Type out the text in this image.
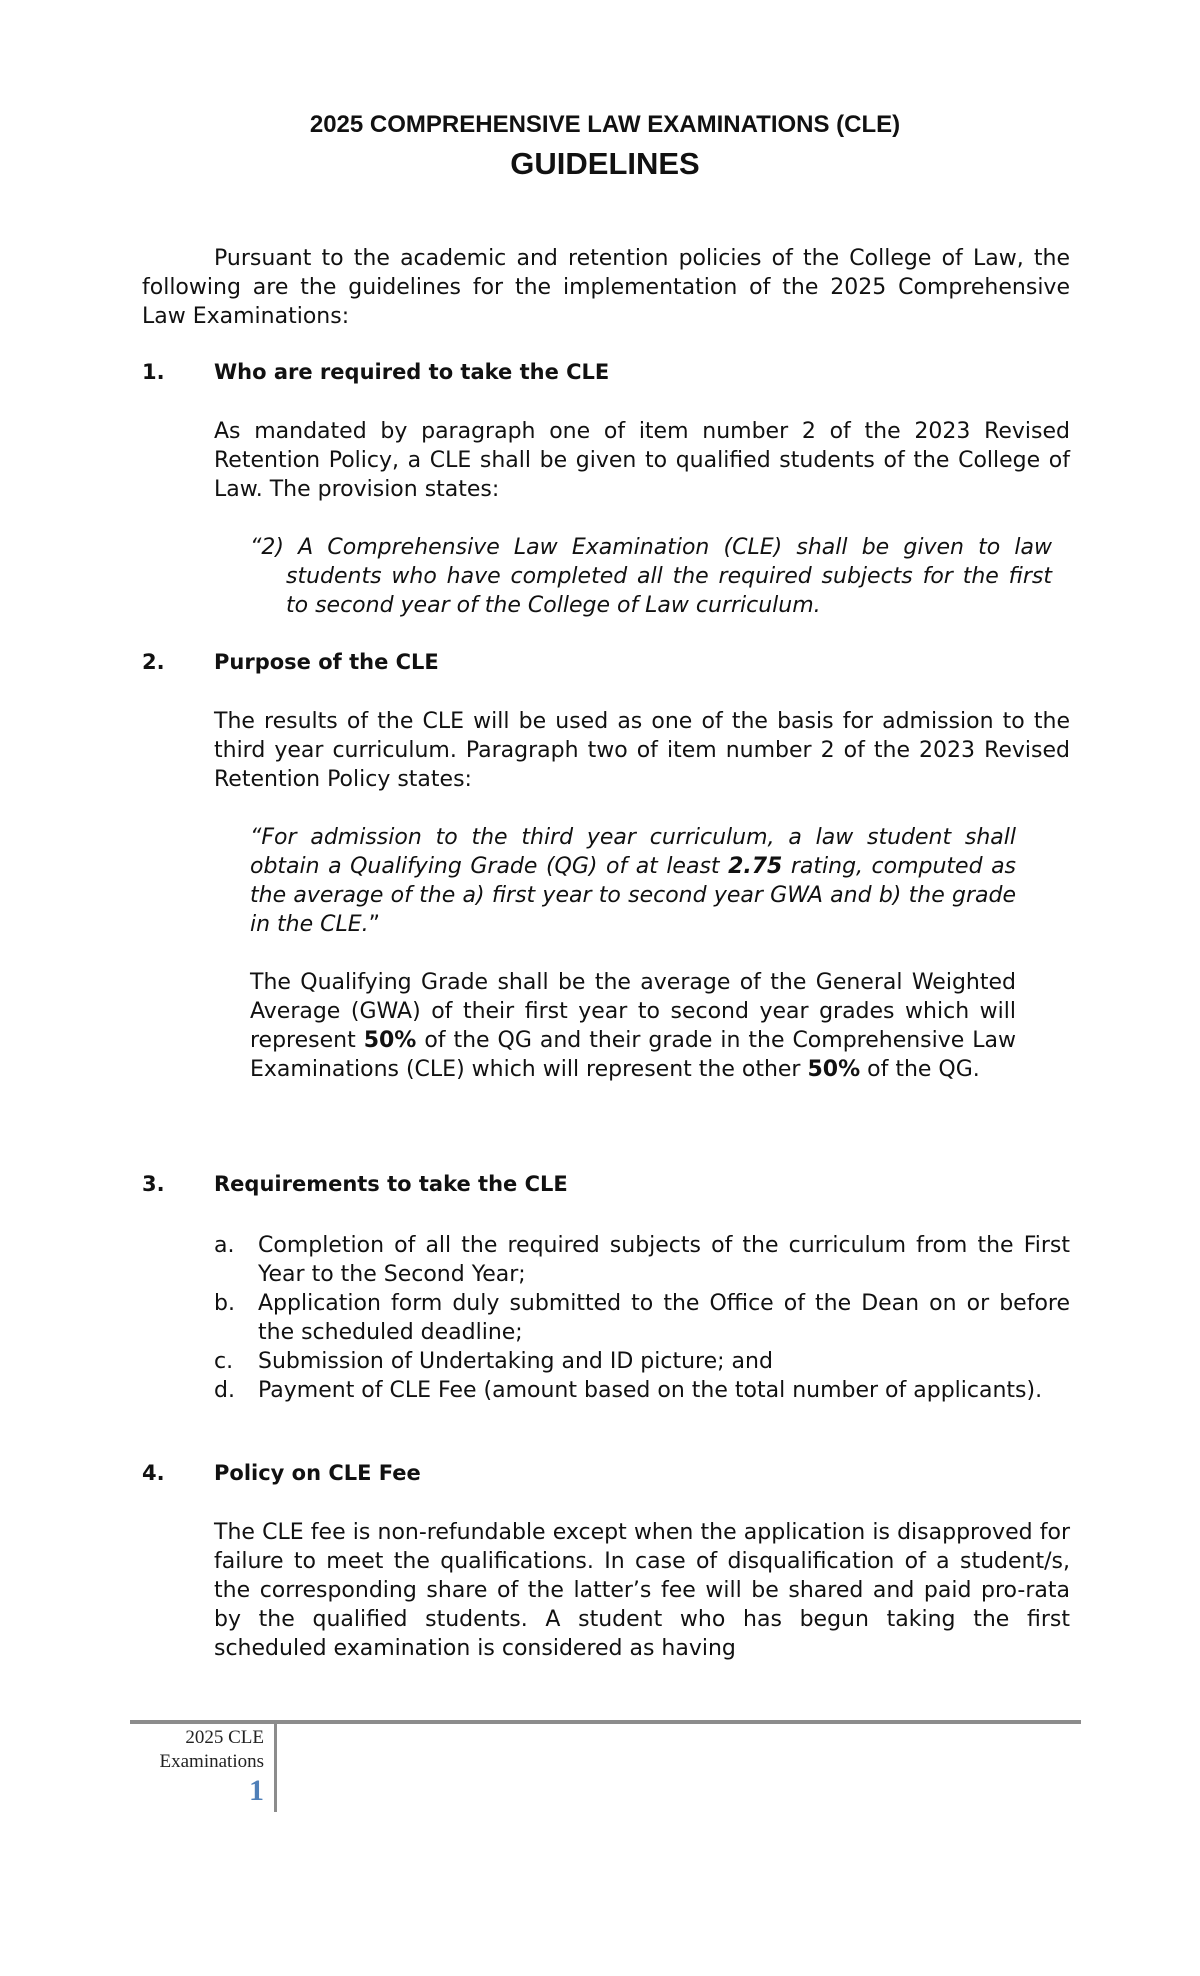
2025 COMPREHENSIVE LAW EXAMINATIONS (CLE)
GUIDELINES

Pursuant to the academic and retention policies of the College of Law, the following are the guidelines for the implementation of the 2025 Comprehensive Law Examinations:

1. Who are required to take the CLE

As mandated by paragraph one of item number 2 of the 2023 Revised Retention Policy, a CLE shall be given to qualified students of the College of Law. The provision states:

“2) A Comprehensive Law Examination (CLE) shall be given to law students who have completed all the required subjects for the first to second year of the College of Law curriculum.

2. Purpose of the CLE

The results of the CLE will be used as one of the basis for admission to the third year curriculum. Paragraph two of item number 2 of the 2023 Revised Retention Policy states:

“For admission to the third year curriculum, a law student shall obtain a Qualifying Grade (QG) of at least 2.75 rating, computed as the average of the a) first year to second year GWA and b) the grade in the CLE.”

The Qualifying Grade shall be the average of the General Weighted Average (GWA) of their first year to second year grades which will represent 50% of the QG and their grade in the Comprehensive Law Examinations (CLE) which will represent the other 50% of the QG.

3. Requirements to take the CLE
a. Completion of all the required subjects of the curriculum from the First Year to the Second Year;
b. Application form duly submitted to the Office of the Dean on or before the scheduled deadline;
c. Submission of Undertaking and ID picture; and
d. Payment of CLE Fee (amount based on the total number of applicants).
4. Policy on CLE Fee

The CLE fee is non-refundable except when the application is disapproved for failure to meet the qualifications. In case of disqualification of a student/s, the corresponding share of the latter’s fee will be shared and paid pro-rata by the qualified students. A student who has begun taking the first scheduled examination is considered as having

2025 CLE
Examinations
1
